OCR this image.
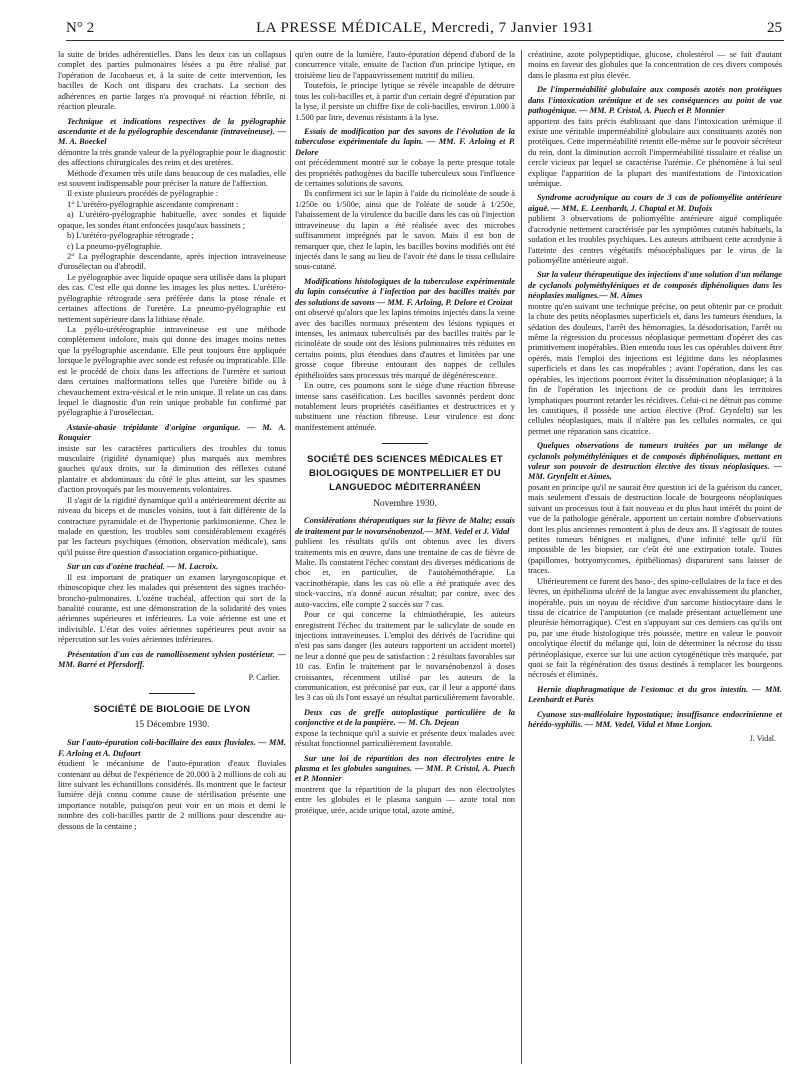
N° 2	LA PRESSE MÉDICALE, Mercredi, 7 Janvier 1931	25

la suite de brides adhérentielles. Dans les deux cas un collapsus complet des parties pulmonaires lésées a pu être réalisé par l'opération de Jacobaeus et, à la suite de cette intervention, les bacilles de Koch ont disparu des crachats. La section des adhérences en partie larges n'a provoqué ni réaction fébrile, ni réaction pleurale.

Technique et indications respectives de la pyélographie ascendante et de la pyélographie descendante (intraveineuse). — M. A. Boeckel

démontre la très grande valeur de la pyélographie pour le diagnostic des affections chirurgicales des reins et des uretères.

Méthode d'examen très utile dans beaucoup de ces maladies, elle est souvent indispensable pour préciser la nature de l'affection.

Il existe plusieurs procédés de pyélographie :

1° L'urétéro-pyélographie ascendante comprenant :

a) L'urétéro-pyélographie habituelle, avec sondes et liquide opaque, les sondes étant enfoncées jusqu'aux bassinets ;

b) L'urétéro-pyélographie rétrograde ;

c) La pneumo-pyélographie.

2° La pyélographie descendante, après injection intraveineuse d'urosélectan ou d'abrodil.

Le pyélographie avec liquide opaque sera utilisée dans la plupart des cas. C'est elle qui donne les images les plus nettes. L'urétéro-pyélographie rétrograde sera préférée dans la ptose rénale et certaines affections de l'uretère. La pneumo-pyélographie est nettement supérieure dans la lithiase rénale.

La pyélo-urétérographie intraveineuse est une méthode complètement indolore, mais qui donne des images moins nettes que la pyélographie ascendante. Elle peut toujours être appliquée lorsque le pyélographie avec sonde est refusée ou impraticable. Elle est le procédé de choix dans les affections de l'uretère et surtout dans certaines malformations telles que l'uretère bifide ou à chevauchement extra-vésical et le rein unique. Il relate un cas dans lequel le diagnostic d'un rein unique probable fut confirmé par pyélographie à l'urosélectan.

Astasie-abasie trépidante d'origine organique. — M. A. Rouquier

insiste sur les caractères particuliers des troubles du tonus musculaire (rigidité dynamique) plus marqués aux membres gauches qu'aux droits, sur la diminution des réflexes cutané plantaire et abdominaux du côté le plus atteint, sur les spasmes d'action provoqués par les mouvements volontaires.

Il s'agit de la rigidité dynamique qu'il a antérieurement décrite au niveau du biceps et de muscles voisins, tout à fait différente de la contracture pyramidale et de l'hypertonie parkinsonienne. Chez le malade en question, les troubles sont considérablement exagérés par les facteurs psychiques (émotion, observation médicale), sans qu'il puisse être question d'association organico-pithiatique.

Sur un cas d'ozène trachéal. — M. Lacroix.

Il est important de pratiquer un examen laryngoscopique et rhinoscopique chez les malades qui présentent des signes trachéo-broncho-pulmonaires. L'ozène trachéal, affection qui sort de la banalité courante, est une démonstration de la solidarité des voies aériennes supérieures et inférieures. La voie aérienne est une et indivisible. L'état des voies aériennes supérieures peut avoir sa répercution sur les voies aériennes inférieures.

Présentation d'un cas de ramollissement sylvien postérieur. — MM. Barré et Pfersdorff.

P. Carlier.
SOCIÉTÉ DE BIOLOGIE DE LYON
15 Décembre 1930.

Sur l'auto-épuration coli-bacillaire des eaux fluviales. — MM. F. Arloing et A. Dufourt

étudient le mécanisme de l'auto-épuration d'eaux fluviales contenant au début de l'expérience de 20.000 à 2 millions de coli au litre suivant les échantillons considérés. Ils montrent que le facteur lumière déjà connu comme cause de stérilisation présente une importance notable, puisqu'on peut voir en un mois et demi le nombre des coli-bacilles partir de 2 millions pour descendre au-dessous de la centaine ;

qu'en outre de la lumière, l'auto-épuration dépend d'abord de la concurrence vitale, ensuite de l'action d'un principe lytique, en troisième lieu de l'appauvrissement nutritif du milieu.

Toutefois, le principe lytique se révèle incapable de détruire tous les coli-bacilles et, à partir d'un certain degré d'épuration par la lyse, il persiste un chiffre fixe de coli-bacilles, environ 1.000 à 1.500 par litre, devenus résistants à la lyse.

Essais de modification par des savons de l'évolution de la tuberculose expérimentale du lapin. — MM. F. Arloing et P. Delore

ont précédemment montré sur le cobaye la perte presque totale des propriétés pathogènes du bacille tuberculeux sous l'influence de certaines solutions de savons.

Ils confirment ici sur le lapin à l'aide du ricinoléate de soude à 1/250e ou 1/500e, ainsi que de l'oléate de soude à 1/250e, l'abaissement de la virulence du bacille dans les cas où l'injection intraveineuse du lapin a été réalisée avec des microbes suffisamment imprégnés par le savon. Mais il est bon de remarquer que, chez le lapin, les bacilles bovins modifiés ont été injectés dans le sang au lieu de l'avoir été dans le tissu cellulaire sous-cutané.

Modifications histologiques de la tuberculose expérimentale du lapin consécutive à l'infection par des bacilles traités par des solutions de savons — MM. F. Arloing, P. Delore et Croizat

ont observé qu'alors que les lapins témoins injectés dans la veine avec des bacilles normaux présentent des lésions typiques et intenses, les animaux tuberculisés par des bacilles traités par le ricinoléate de soude ont des lésions pulmonaires très réduites en certains points, plus étendues dans d'autres et limitées par une grosse coque fibreuse entourant des nappes de cellules épithélioïdes sans processus très marqué de dégénérescence.

En outre, ces poumons sont le siège d'une réaction fibreuse intense sans caséification. Les bacilles savonnés perdent donc notablement leurs propriétés caséifiantes et destructrices et y substituent une réaction fibreuse. Leur virulence est donc manifestement atténuée.

SOCIÉTÉ DES SCIENCES MÉDICALES ET BIOLOGIQUES DE MONTPELLIER ET DU LANGUEDOC MÉDITERRANÉEN
Novembre 1930.

Considérations thérapeutiques sur la fièvre de Malte; essais de traitement par le novarsénobenzol.— MM. Vedel et J. Vidal

publient les résultats qu'ils ont obtenus avec les divers traitements mis en œuvre, dans une trentaine de cas de fièvre de Malte. Ils constatent l'échec constant des diverses médications de choc et, en particulier, de l'autohémothérapie. La vaccinothérapie, dans les cas où elle a été pratiquée avec des stock-vaccins, n'a donné aucun résultat; par contre, avec des auto-vaccins, elle compte 2 succès sur 7 cas.

Pour ce qui concerne la chimiothérapie, les auteurs enregistrent l'échec du traitement par le salicylate de soude en injections intraveineuses. L'emploi des dérivés de l'acridine qui n'est pas sans danger (les auteurs rapportent un accident mortel) ne leur a donné que peu de satisfaction : 2 résultats favorables sur 10 cas. Enfin le traitement par le novarsénobenzol à doses croissantes, récemment utilisé par les auteurs de la communication, est préconisé par eux, car il leur a apporté dans les 3 cas où ils l'ont essayé un résultat particulièrement favorable.

Deux cas de greffe autoplastique particulière de la conjonctive et de la paupière. — M. Ch. Dejean

expose la technique qu'il a suivie et présente deux malades avec résultat fonctionnel particulièrement favorable.

Sur une loi de répartition des non électrolytes entre le plasma et les globules sanguines. — MM. P. Cristol, A. Puech et P. Monnier

montrent que la répartition de la plupart des non électrolytes entre les globules et le plasma sanguin — azote total non protéique, urée, acide urique total, azote aminé,

créatinine, azote polypeptidique, glucose, cholestérol — se fait d'autant moins en faveur des globules que la concentration de ces divers composés dans le plasma est plus élevée.

De l'imperméabilité globulaire aux composés azotés non protéiques dans l'intoxication urémique et de ses conséquences au point de vue pathogénique. — MM. P. Cristol, A. Puech et P. Monnier

apportent des faits précis établissant que dans l'intoxication urémique il existe une véritable imperméabilité globulaire aux constituants azotés non protéiques. Cette imperméabilité retentit elle-même sur le pouvoir sécréteur du rein, dont la diminution accroît l'imperméabilité tissulaire et réalise un cercle vicieux par lequel se caractérise l'urémie. Ce phénomène à lui seul explique l'apparition de la plupart des manifestations de l'intoxication urémique.

Syndrome acrodynique au cours de 3 cas de poliomyélite antérieure aiguë. — MM. E. Leenhardt, J. Chaptal et M. Dufoix

publient 3 observations de poliomyélite antérieure aiguë compliquée d'acrodynie nettement caractérisée par les symptômes cutanés habituels, la sudation et les troubles psychiques. Les auteurs attribuent cette acrodynie à l'atteinte des centres végétatifs mésocéphaliques par le virus de la poliomyélite antérieure aiguë.

Sur la valeur thérapeutique des injections d'une solution d'un mélange de cyclanols polyméthyléniques et de composés diphénoliques dans les néoplasies malignes.— M. Aimes

montre qu'en suivant une technique précise, on peut obtenir par ce produit la chute des petits néoplasmes superficiels et, dans les tumeurs étendues, la sédation des douleurs, l'arrêt des hémorragies, la désodorisation, l'arrêt ou même la régression du processus néoplasique permettant d'opérer des cas primitivement inopérables. Bien entendu tous les cas opérables doivent être opérés, mais l'emploi des injections est légitime dans les néoplasmes superficiels et dans les cas inopérables ; avant l'opération, dans les cas opérables, les injections pourront éviter la dissémination néoplasique; à la fin de l'opération les injections de ce produit dans les territoires lymphatiques pourront retarder les récidives. Celui-ci ne détruit pas comme les caustiques, il possède une action élective (Prof. Grynfeltt) sur les cellules néoplasiques, mais il n'altère pas les cellules normales, ce qui permet une réparation sans cicatrice.

Quelques observations de tumeurs traitées par un mélange de cyclanols polyméthyléniques et de composés diphénoliques, mettant en valeur son pouvoir de destruction élective des tissus néoplasiques. — MM. Grynfeltt et Aimes,

posant en principe qu'il ne saurait être question ici de la guérison du cancer, mais seulement d'essais de destruction locale de bourgeons néoplasiques suivant un processus tout à fait nouveau et du plus haut intérêt du point de vue de la pathologie générale, apportent un certain nombre d'observations dont les plus anciennes remontent à plus de deux ans. Il s'agissait de toutes petites tumeurs bénignes et malignes, d'une infinité telle qu'il fût impossible de les biopsier, car c'eût été une extirpation totale. Toutes (papillomes, botryomycomes, épithéliomas) disparurent sans laisser de traces.

Ultérieurement ce furent des baso-, des spino-cellulaires de la face et des lèvres, un épithélioma ulcéré de la langue avec envahissement du plancher, inopérable, puis un noyau de récidive d'un sarcome histiocytaire dans le tissu de cicatrice de l'amputation (ce malade présentant actuellement une pleurésie hémorragique). C'est en s'appuyant sur ces derniers cas qu'ils ont pu, par une étude histologique très poussée, mettre en valeur le pouvoir oncolytique électif du mélange qui, loin de déterminer la nécrose du tissu périnéoplasique, exerce sur lui une action cytogénétique très marquée, par quoi se fait la régénération des tissus destinés à remplacer les bourgeons nécrosés et éliminés.

Hernie diaphragmatique de l'estomac et du gros intestin. — MM. Leenhardt et Parès

Cyanose sus-malléolaire hypostatique; insuffisance endocrinienne et hérédo-syphilis. — MM. Vedel, Vidal et Mme Lonjon.

J. Vidal.
